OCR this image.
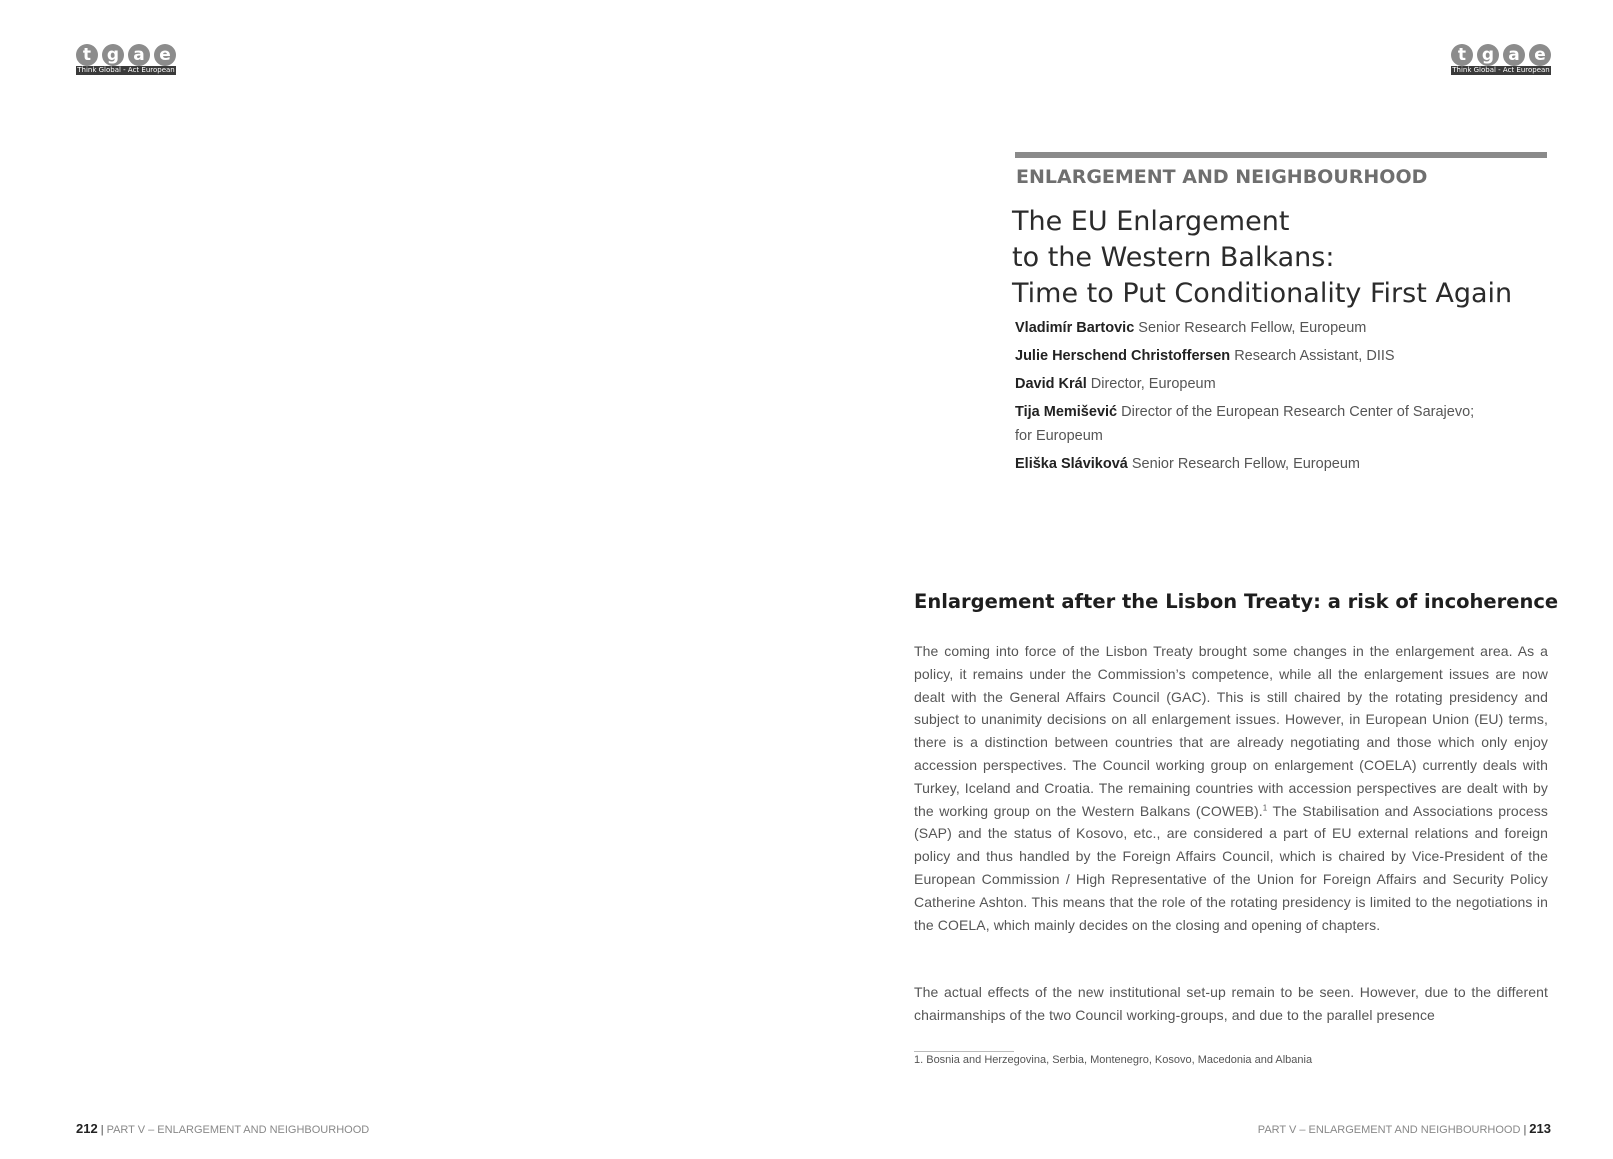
t g a e
Think Global - Act European
t g a e
Think Global - Act European
ENLARGEMENT AND NEIGHBOURHOOD
The EU Enlargement
to the Western Balkans:
Time to Put Conditionality First Again
Vladimír Bartovic Senior Research Fellow, Europeum
Julie Herschend Christoffersen Research Assistant, DIIS
David Král Director, Europeum
Tija Memišević Director of the European Research Center of Sarajevo;
for Europeum
Eliška Sláviková Senior Research Fellow, Europeum
Enlargement after the Lisbon Treaty: a risk of incoherence
The coming into force of the Lisbon Treaty brought some changes in the enlargement area. As a policy, it remains under the Commission’s competence, while all the enlargement issues are now dealt with the General Affairs Council (GAC). This is still chaired by the rotating presidency and subject to unanimity decisions on all enlargement issues. However, in European Union (EU) terms, there is a distinction between countries that are already negotiating and those which only enjoy accession perspectives. The Council working group on enlargement (COELA) currently deals with Turkey, Iceland and Croatia. The remaining countries with accession perspectives are dealt with by the working group on the Western Balkans (COWEB).$^1$ The Stabilisation and Associations process (SAP) and the status of Kosovo, etc., are considered a part of EU external relations and foreign policy and thus handled by the Foreign Affairs Council, which is chaired by Vice-President of the European Commission / High Representative of the Union for Foreign Affairs and Security Policy Catherine Ashton. This means that the role of the rotating presidency is limited to the negotiations in the COELA, which mainly decides on the closing and opening of chapters.
The actual effects of the new institutional set-up remain to be seen. However, due to the different chairmanships of the two Council working-groups, and due to the parallel presence
1. Bosnia and Herzegovina, Serbia, Montenegro, Kosovo, Macedonia and Albania
212 | PART V – ENLARGEMENT AND NEIGHBOURHOOD	PART V – ENLARGEMENT AND NEIGHBOURHOOD | 213
